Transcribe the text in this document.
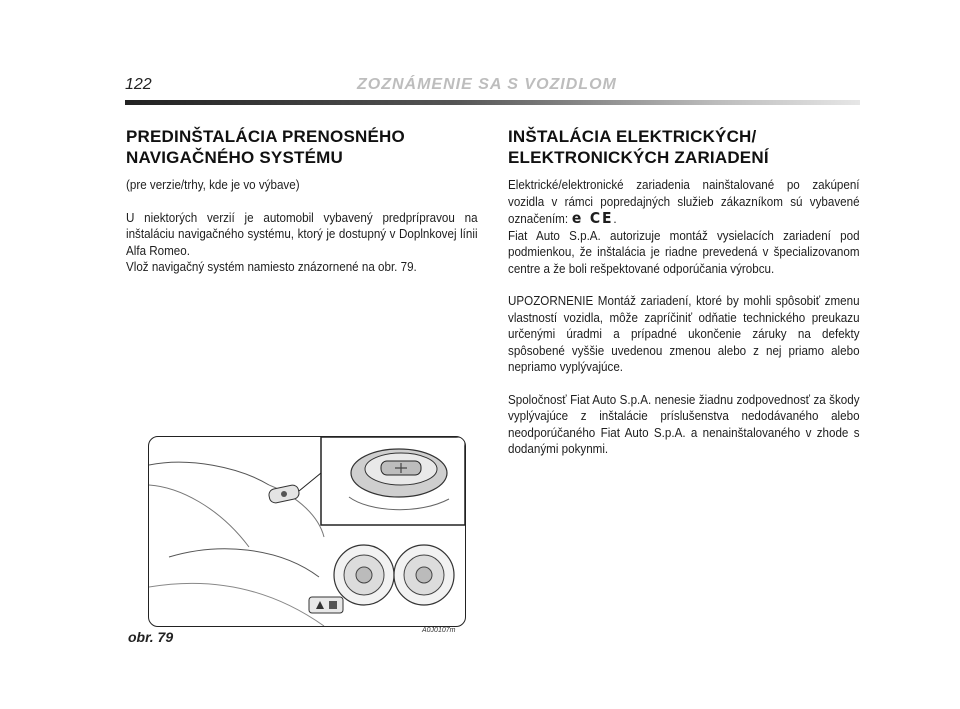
122	ZOZNÁMENIE SA S VOZIDLOM
PREDINŠTALÁCIA PRENOSNÉHO
NAVIGAČNÉHO SYSTÉMU

(pre verzie/trhy, kde je vo výbave)

U niektorých verzií je automobil vybavený predprípravou na inštaláciu navigačného systému, ktorý je dostupný v Doplnkovej línii Alfa Romeo.

Vlož navigačný systém namiesto znázornené na obr. 79.

INŠTALÁCIA ELEKTRICKÝCH/
ELEKTRONICKÝCH ZARIADENÍ

Elektrické/elektronické zariadenia nainštalované po zakúpení vozidla v rámci popredajných služieb zákazníkom sú vybavené označením: e CE.

Fiat Auto S.p.A. autorizuje montáž vysielacích zariadení pod podmienkou, že inštalácia je riadne prevedená v špecializovanom centre a že boli rešpektované odporúčania výrobcu.

UPOZORNENIE Montáž zariadení, ktoré by mohli spôsobiť zmenu vlastností vozidla, môže zapríčiniť odňatie technického preukazu určenými úradmi a prípadné ukončenie záruky na defekty spôsobené vyššie uvedenou zmenou alebo z nej priamo alebo nepriamo vyplývajúce.

Spoločnosť Fiat Auto S.p.A. nenesie žiadnu zodpovednosť za škody vyplývajúce z inštalácie príslušenstva nedodávaného alebo neodporúčaného Fiat Auto S.p.A. a nenainštalovaného v zhode s dodanými pokynmi.

obr. 79	A0J0107m
